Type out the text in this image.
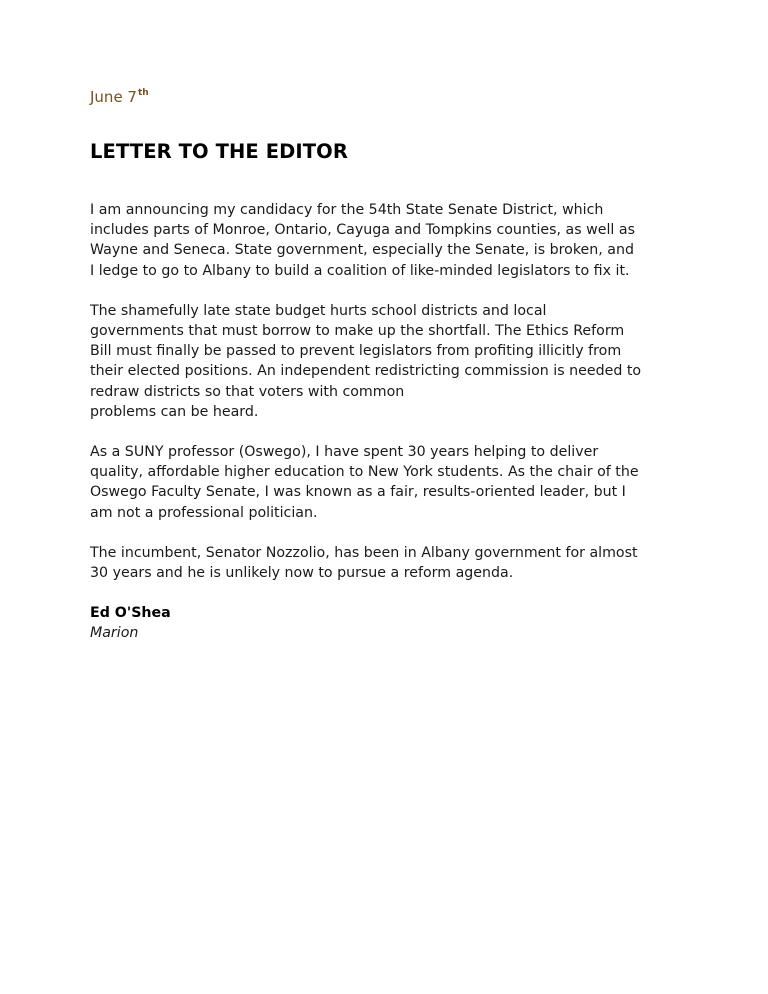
June 7th
LETTER TO THE EDITOR
I am announcing my candidacy for the 54th State Senate District, which
includes parts of Monroe, Ontario, Cayuga and Tompkins counties, as well as
Wayne and Seneca. State government, especially the Senate, is broken, and
I ledge to go to Albany to build a coalition of like-minded legislators to fix it.
The shamefully late state budget hurts school districts and local
governments that must borrow to make up the shortfall. The Ethics Reform
Bill must finally be passed to prevent legislators from profiting illicitly from
their elected positions. An independent redistricting commission is needed to
redraw districts so that voters with common
problems can be heard.
As a SUNY professor (Oswego), I have spent 30 years helping to deliver
quality, affordable higher education to New York students. As the chair of the
Oswego Faculty Senate, I was known as a fair, results-oriented leader, but I
am not a professional politician.
The incumbent, Senator Nozzolio, has been in Albany government for almost
30 years and he is unlikely now to pursue a reform agenda.
Ed O'Shea
Marion
